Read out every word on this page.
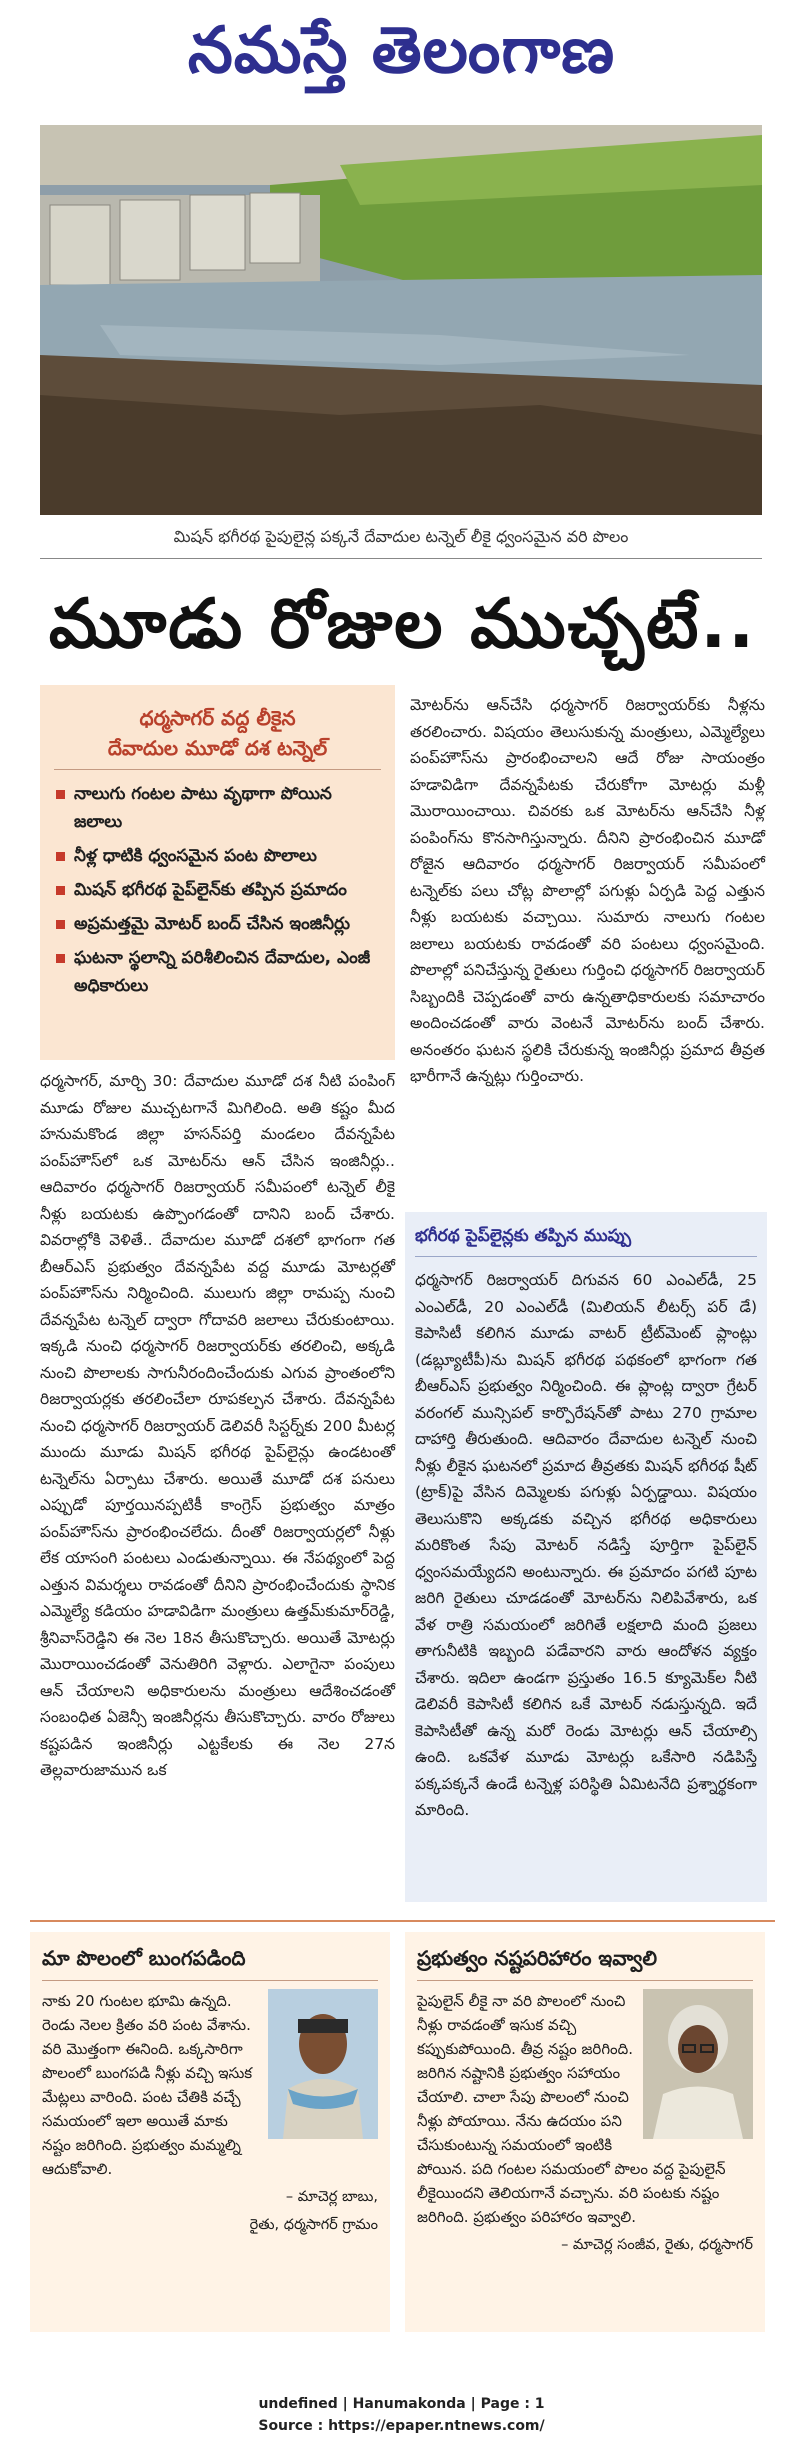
నమస్తే తెలంగాణ
మిషన్ భగీరథ పైపులైన్ల పక్కనే దేవాదుల టన్నెల్ లీకై ధ్వంసమైన వరి పొలం
మూడు రోజుల ముచ్చటే..
ధర్మసాగర్ వద్ద లీకైన
దేవాదుల మూడో దశ టన్నెల్
నాలుగు గంటల పాటు వృథాగా పోయిన జలాలు
నీళ్ల ధాటికి ధ్వంసమైన పంట పొలాలు
మిషన్ భగీరథ పైప్‌లైన్‌కు తప్పిన ప్రమాదం
అప్రమత్తమై మోటర్ బంద్ చేసిన ఇంజినీర్లు
ఘటనా స్థలాన్ని పరిశీలించిన దేవాదుల, ఎంజీ అధికారులు

ధర్మసాగర్, మార్చి 30: దేవాదుల మూడో దశ నీటి పంపింగ్ మూడు రోజుల ముచ్చటగానే మిగిలింది. అతి కష్టం మీద హనుమకొండ జిల్లా హసన్‌పర్తి మండలం దేవన్నపేట పంప్‌హౌస్‌లో ఒక మోటర్‌ను ఆన్ చేసిన ఇంజినీర్లు.. ఆదివారం ధర్మసాగర్ రిజర్వాయర్ సమీపంలో టన్నెల్ లీకై నీళ్లు బయటకు ఉప్పొంగడంతో దానిని బంద్ చేశారు. వివరాల్లోకి వెళితే.. దేవాదుల మూడో దశలో భాగంగా గత బీఆర్‌ఎస్ ప్రభుత్వం దేవన్నపేట వద్ద మూడు మోటర్లతో పంప్‌హౌస్‌ను నిర్మించింది. ములుగు జిల్లా రామప్ప నుంచి దేవన్నపేట టన్నెల్ ద్వారా గోదావరి జలాలు చేరుకుంటాయి. ఇక్కడి నుంచి ధర్మసాగర్ రిజర్వాయర్‌కు తరలించి, అక్కడి నుంచి పొలాలకు సాగునీరందించేందుకు ఎగువ ప్రాంతంలోని రిజర్వాయర్లకు తరలించేలా రూపకల్పన చేశారు. దేవన్నపేట నుంచి ధర్మసాగర్ రిజర్వాయర్ డెలివరీ సిస్టర్న్‌కు 200 మీటర్ల ముందు మూడు మిషన్ భగీరథ పైప్‌లైన్లు ఉండటంతో టన్నెల్‌ను ఏర్పాటు చేశారు. అయితే మూడో దశ పనులు ఎప్పుడో పూర్తయినప్పటికీ కాంగ్రెస్ ప్రభుత్వం మాత్రం పంప్‌హౌస్‌ను ప్రారంభించలేదు. దీంతో రిజర్వాయర్లలో నీళ్లు లేక యాసంగి పంటలు ఎండుతున్నాయి. ఈ నేపథ్యంలో పెద్ద ఎత్తున విమర్శలు రావడంతో దీనిని ప్రారంభించేందుకు స్థానిక ఎమ్మెల్యే కడియం హడావిడిగా మంత్రులు ఉత్తమ్‌కుమార్‌రెడ్డి, శ్రీనివాస్‌రెడ్డిని ఈ నెల 18న తీసుకొచ్చారు. అయితే మోటర్లు మొరాయించడంతో వెనుతిరిగి వెళ్లారు. ఎలాగైనా పంపులు ఆన్ చేయాలని అధికారులను మంత్రులు ఆదేశించడంతో సంబంధిత ఏజెన్సీ ఇంజినీర్లను తీసుకొచ్చారు. వారం రోజులు కష్టపడిన ఇంజినీర్లు ఎట్టకేలకు ఈ నెల 27న తెల్లవారుజామున ఒక

మోటర్‌ను ఆన్‌చేసి ధర్మసాగర్ రిజర్వాయర్‌కు నీళ్లను తరలించారు. విషయం తెలుసుకున్న మంత్రులు, ఎమ్మెల్యేలు పంప్‌హౌస్‌ను ప్రారంభించాలని ఆదే రోజు సాయంత్రం హడావిడిగా దేవన్నపేటకు చేరుకోగా మోటర్లు మళ్లీ మొరాయించాయి. చివరకు ఒక మోటర్‌ను ఆన్‌చేసి నీళ్ల పంపింగ్‌ను కొనసాగిస్తున్నారు. దీనిని ప్రారంభించిన మూడో రోజైన ఆదివారం ధర్మసాగర్ రిజర్వాయర్ సమీపంలో టన్నెల్‌కు పలు చోట్ల పొలాల్లో పగుళ్లు ఏర్పడి పెద్ద ఎత్తున నీళ్లు బయటకు వచ్చాయి. సుమారు నాలుగు గంటల జలాలు బయటకు రావడంతో వరి పంటలు ధ్వంసమైంది. పొలాల్లో పనిచేస్తున్న రైతులు గుర్తించి ధర్మసాగర్ రిజర్వాయర్ సిబ్బందికి చెప్పడంతో వారు ఉన్నతాధికారులకు సమాచారం అందించడంతో వారు వెంటనే మోటర్‌ను బంద్ చేశారు. అనంతరం ఘటన స్థలికి చేరుకున్న ఇంజినీర్లు ప్రమాద తీవ్రత భారీగానే ఉన్నట్లు గుర్తించారు.

భగీరథ పైప్‌లైన్లకు తప్పిన ముప్పు
ధర్మసాగర్ రిజర్వాయర్ దిగువన 60 ఎంఎల్‌డీ, 25 ఎంఎల్‌డీ, 20 ఎంఎల్‌డీ (మిలియన్ లీటర్స్ పర్ డే) కెపాసిటీ కలిగిన మూడు వాటర్ ట్రీట్‌మెంట్ ప్లాంట్లు (డబ్ల్యూటీపీ)ను మిషన్ భగీరథ పథకంలో భాగంగా గత బీఆర్‌ఎస్ ప్రభుత్వం నిర్మించింది. ఈ ప్లాంట్ల ద్వారా గ్రేటర్ వరంగల్ మున్సిపల్ కార్పొరేషన్‌తో పాటు 270 గ్రామాల దాహార్తి తీరుతుంది. ఆదివారం దేవాదుల టన్నెల్ నుంచి నీళ్లు లీకైన ఘటనలో ప్రమాద తీవ్రతకు మిషన్ భగీరథ షీట్ (ట్రాక్)పై వేసిన దిమ్మెలకు పగుళ్లు ఏర్పడ్డాయి. విషయం తెలుసుకొని అక్కడకు వచ్చిన భగీరథ అధికారులు మరికొంత సేపు మోటర్ నడిస్తే పూర్తిగా పైప్‌లైన్ ధ్వంసమయ్యేదని అంటున్నారు. ఈ ప్రమాదం పగటి పూట జరిగి రైతులు చూడడంతో మోటర్‌ను నిలిపివేశారు, ఒక వేళ రాత్రి సమయంలో జరిగితే లక్షలాది మంది ప్రజలు తాగునీటికి ఇబ్బంది పడేవారని వారు ఆందోళన వ్యక్తం చేశారు. ఇదిలా ఉండగా ప్రస్తుతం 16.5 క్యూమెక్‌ల నీటి డెలివరీ కెపాసిటీ కలిగిన ఒకే మోటర్ నడుస్తున్నది. ఇదే కెపాసిటీతో ఉన్న మరో రెండు మోటర్లు ఆన్ చేయాల్సి ఉంది. ఒకవేళ మూడు మోటర్లు ఒకేసారి నడిపిస్తే పక్కపక్కనే ఉండే టన్నెళ్ల పరిస్థితి ఏమిటనేది ప్రశ్నార్థకంగా మారింది.
మా పొలంలో బుంగపడింది
నాకు 20 గుంటల భూమి ఉన్నది. రెండు నెలల క్రితం వరి పంట వేశాను. వరి మొత్తంగా ఈనింది. ఒక్కసారిగా పొలంలో బుంగపడి నీళ్లు వచ్చి ఇసుక మేట్లలు వారింది. పంట చేతికి వచ్చే సమయంలో ఇలా అయితే మాకు నష్టం జరిగింది. ప్రభుత్వం మమ్మల్ని ఆదుకోవాలి.
– మాచెర్ల బాబు,
రైతు, ధర్మసాగర్ గ్రామం
ప్రభుత్వం నష్టపరిహారం ఇవ్వాలి
పైపులైన్ లీకై నా వరి పొలంలో నుంచి నీళ్లు రావడంతో ఇసుక వచ్చి కప్పుకుపోయింది. తీవ్ర నష్టం జరిగింది. జరిగిన నష్టానికి ప్రభుత్వం సహాయం చేయాలి. చాలా సేపు పొలంలో నుంచి నీళ్లు పోయాయి. నేను ఉదయం పని చేసుకుంటున్న సమయంలో ఇంటికి పోయిన. పది గంటల సమయంలో పొలం వద్ద పైపులైన్ లీకైయిందని తెలియగానే వచ్చాను. వరి పంటకు నష్టం జరిగింది. ప్రభుత్వం పరిహారం ఇవ్వాలి.
– మాచెర్ల సంజీవ, రైతు, ధర్మసాగర్
undefined | Hanumakonda | Page : 1
Source : https://epaper.ntnews.com/
